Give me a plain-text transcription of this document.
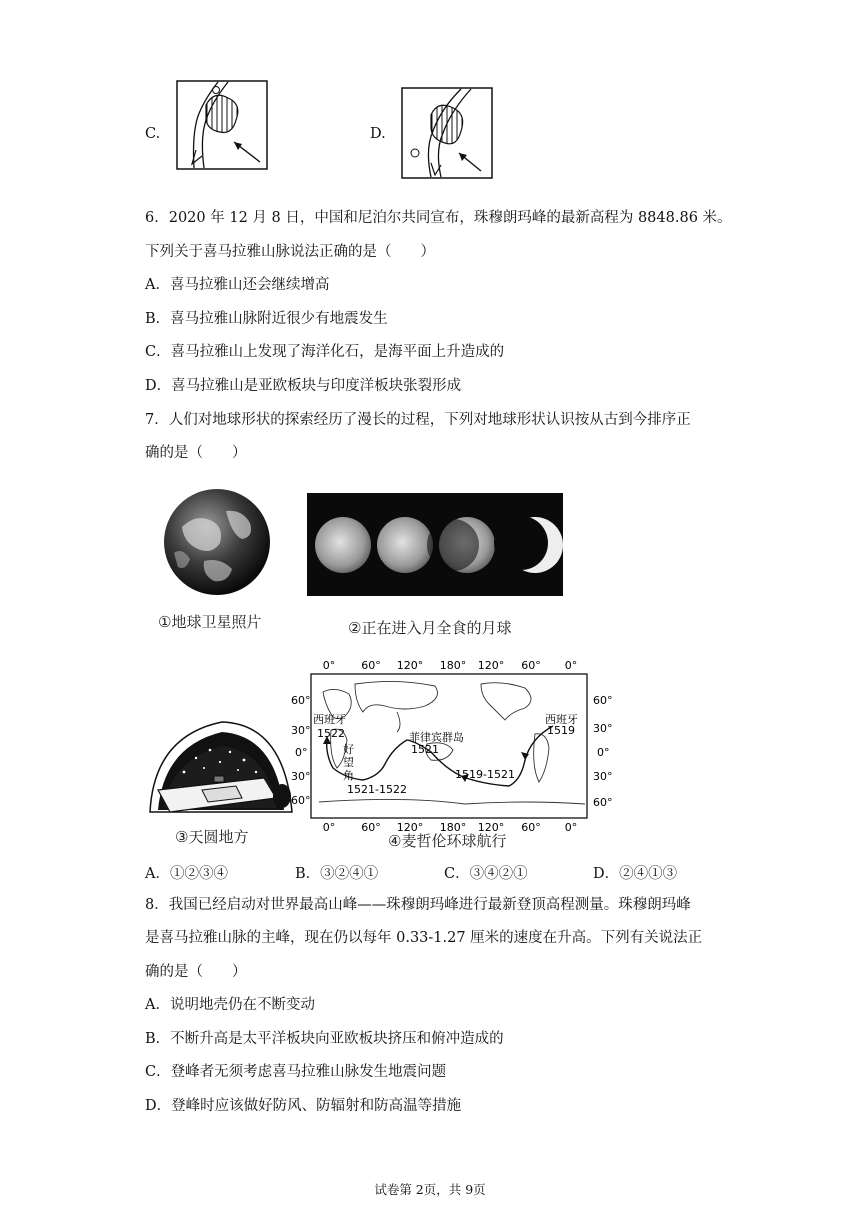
C.	D.
6．2020 年 12 月 8 日，中国和尼泊尔共同宣布，珠穆朗玛峰的最新高程为 8848.86 米。
下列关于喜马拉雅山脉说法正确的是（　　）
A．喜马拉雅山还会继续增高
B．喜马拉雅山脉附近很少有地震发生
C．喜马拉雅山上发现了海洋化石，是海平面上升造成的
D．喜马拉雅山是亚欧板块与印度洋板块张裂形成
7．人们对地球形状的探索经历了漫长的过程，下列对地球形状认识按从古到今排序正
确的是（　　）
①地球卫星照片	②正在进入月全食的月球
③天圆地方
0° 60° 120° 180° 120° 60° 0°
西班牙
1522
好
望
角
1521-1522
菲律宾群岛
1521
1519-1521
西班牙
1519
60°
30°
0°
30°
60°
60°
30°
0°
30°
60°
0° 60° 120° 180° 120° 60° 0°
④麦哲伦环球航行
A．①②③④	B．③②④①	C．③④②①	D．②④①③
8．我国已经启动对世界最高山峰——珠穆朗玛峰进行最新登顶高程测量。珠穆朗玛峰
是喜马拉雅山脉的主峰，现在仍以每年 0.33-1.27 厘米的速度在升高。下列有关说法正
确的是（　　）
A．说明地壳仍在不断变动
B．不断升高是太平洋板块向亚欧板块挤压和俯冲造成的
C．登峰者无须考虑喜马拉雅山脉发生地震问题
D．登峰时应该做好防风、防辐射和防高温等措施
试卷第 2页，共 9页
